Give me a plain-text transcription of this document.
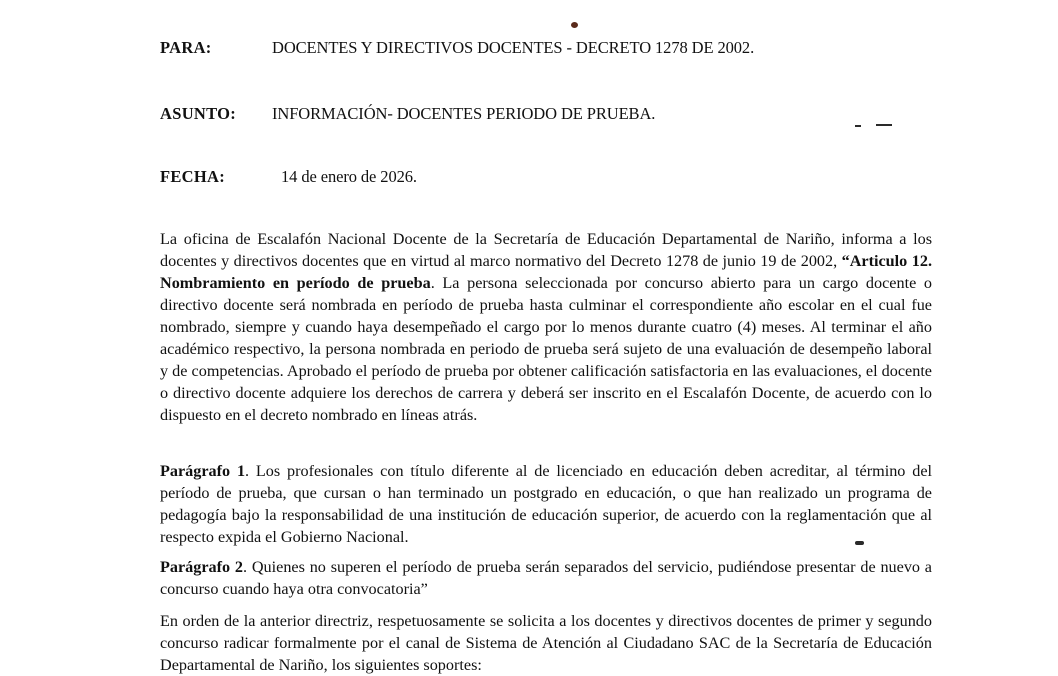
PARA:	DOCENTES Y DIRECTIVOS DOCENTES - DECRETO 1278 DE 2002.
ASUNTO: INFORMACIÓN- DOCENTES PERIODO DE PRUEBA.
FECHA:	14 de enero de 2026.

La oficina de Escalafón Nacional Docente de la Secretaría de Educación Departamental de Nariño, informa a los docentes y directivos docentes que en virtud al marco normativo del Decreto 1278 de junio 19 de 2002, “Articulo 12. Nombramiento en período de prueba. La persona seleccionada por concurso abierto para un cargo docente o directivo docente será nombrada en período de prueba hasta culminar el correspondiente año escolar en el cual fue nombrado, siempre y cuando haya desempeñado el cargo por lo menos durante cuatro (4) meses. Al terminar el año académico respectivo, la persona nombrada en periodo de prueba será sujeto de una evaluación de desempeño laboral y de competencias. Aprobado el período de prueba por obtener calificación satisfactoria en las evaluaciones, el docente o directivo docente adquiere los derechos de carrera y deberá ser inscrito en el Escalafón Docente, de acuerdo con lo dispuesto en el decreto nombrado en líneas atrás.

Parágrafo 1. Los profesionales con título diferente al de licenciado en educación deben acreditar, al término del período de prueba, que cursan o han terminado un postgrado en educación, o que han realizado un programa de pedagogía bajo la responsabilidad de una institución de educación superior, de acuerdo con la reglamentación que al respecto expida el Gobierno Nacional.

Parágrafo 2. Quienes no superen el período de prueba serán separados del servicio, pudiéndose presentar de nuevo a concurso cuando haya otra convocatoria”

En orden de la anterior directriz, respetuosamente se solicita a los docentes y directivos docentes de primer y segundo concurso radicar formalmente por el canal de Sistema de Atención al Ciudadano SAC de la Secretaría de Educación Departamental de Nariño, los siguientes soportes:
